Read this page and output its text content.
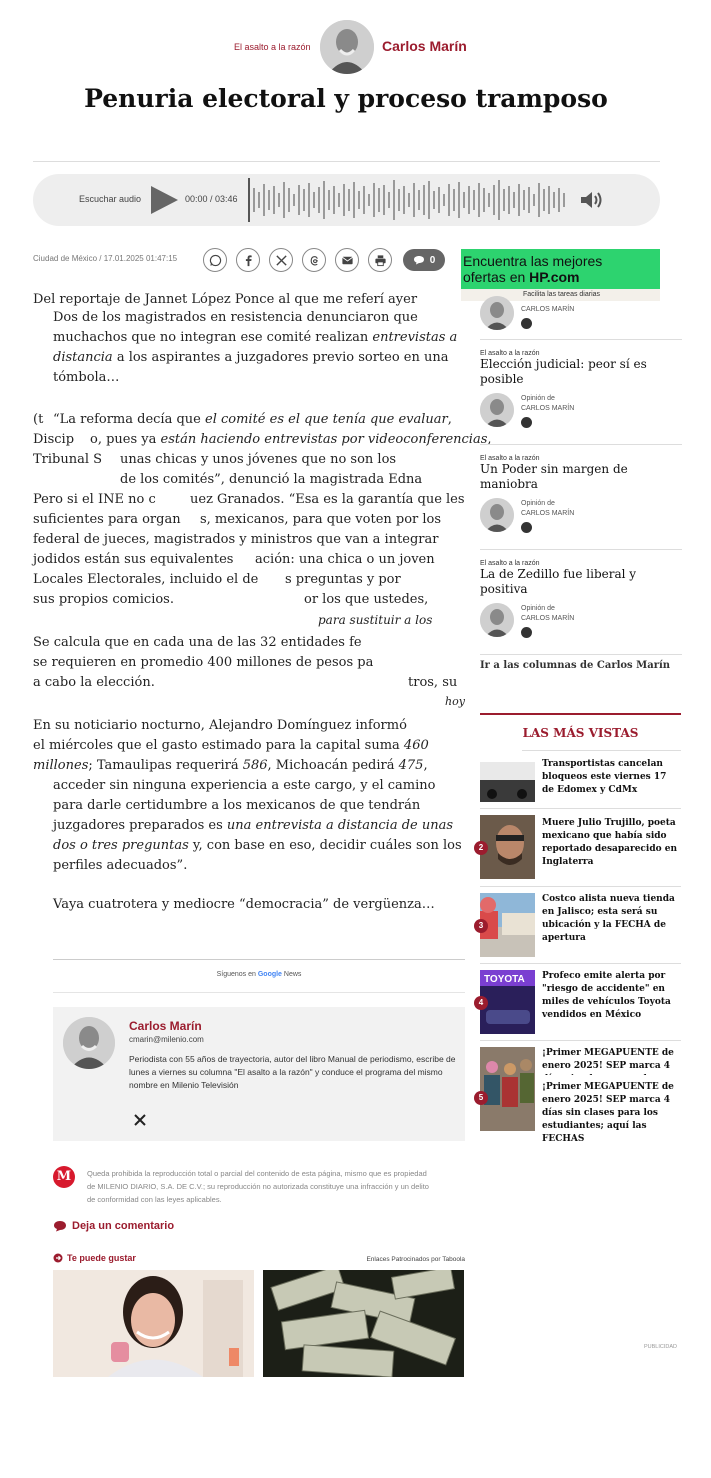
El asalto a la razón	Carlos Marín
Penuria electoral y proceso tramposo
Escuchar audio	00:00 / 03:46
Ciudad de México / 17.01.2025 01:47:15	0 Encuentra las mejores
ofertas en HP.com
Facilita las tareas diarias
Del reportaje de Jannet López Ponce al que me referí ayer
Dos de los magistrados en resistencia denunciaron que
muchachos que no integran ese comité realizan entrevistas a
distancia a los aspirantes a juzgadores previo sorteo en una
tómbola…
(t
Discip
Tribunal S
“La reforma decía que el comité es el que tenía que evaluar,
o, pues ya están haciendo entrevistas por videoconferencias,
unas chicas y unos jóvenes que no son los
de los comités”, denunció la magistrada Edna
Pero si el INE no c	uez Granados. “Esa es la garantía que les
suficientes para organ s, mexicanos, para que voten por los
federal de jueces, magistrados y ministros que van a integrar
jodidos están sus equivalentes ación: una chica o un joven
Locales Electorales, incluido el de s preguntas y por
sus propios comicios.	or los que ustedes,
para sustituir a los
Se calcula que en cada una de las 32 entidades fe
se requieren en promedio 400 millones de pesos pa
a cabo la elección.	tros, su
hoy
En su noticiario nocturno, Alejandro Domínguez informó
el miércoles que el gasto estimado para la capital suma 460
millones; Tamaulipas requerirá 586, Michoacán pedirá 475,
acceder sin ninguna experiencia a este cargo, y el camino
para darle certidumbre a los mexicanos de que tendrán
juzgadores preparados es una entrevista a distancia de unas
dos o tres preguntas y, con base en eso, decidir cuáles son los
perfiles adecuados”.
Vaya cuatrotera y mediocre “democracia” de vergüenza…
CARLOS MARÍN
El asalto a la razón
Elección judicial: peor sí es posible
Opinión de
CARLOS MARÍN
El asalto a la razón
Un Poder sin margen de maniobra
Opinión de
CARLOS MARÍN
El asalto a la razón
La de Zedillo fue liberal y positiva
Opinión de
CARLOS MARÍN
Ir a las columnas de Carlos Marín
LAS MÁS VISTAS
Transportistas cancelan bloqueos este viernes 17 de Edomex y CdMx
2
Muere Julio Trujillo, poeta mexicano que había sido reportado desaparecido en Inglaterra
3
Costco alista nueva tienda en Jalisco; esta será su ubicación y la FECHA de apertura
TOYOTA
4
Profeco emite alerta por "riesgo de accidente" en miles de vehículos Toyota vendidos en México
5
¡Primer MEGAPUENTE de enero 2025! SEP marca 4
¡Primer MEGAPUENTE de enero 2025! SEP marca 4 días sin clases para los estudiantes; aquí las FECHAS
Síguenos en Google News
Carlos Marín
cmarin@milenio.com
Periodista con 55 años de trayectoria, autor del libro Manual de periodismo, escribe de lunes a viernes su columna "El asalto a la razón" y conduce el programa del mismo nombre en Milenio Televisión
M	Queda prohibida la reproducción total o parcial del contenido de esta página, mismo que es propiedad de MILENIO DIARIO, S.A. DE C.V.; su reproducción no autorizada constituye una infracción y un delito de conformidad con las leyes aplicables.
Deja un comentario
Te puede gustar	Enlaces Patrocinados por Taboola
PUBLICIDAD
